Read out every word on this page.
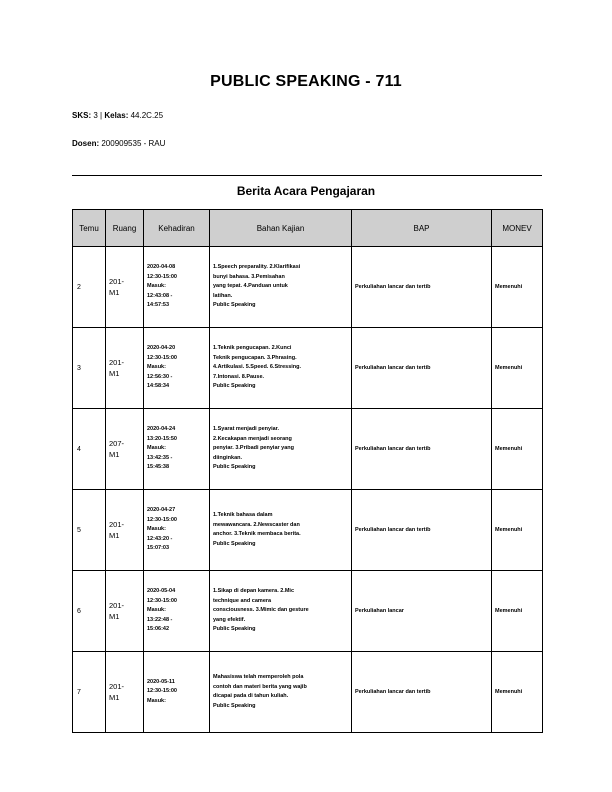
PUBLIC SPEAKING - 711
SKS: 3 | Kelas: 44.2C.25
Dosen: 200909535 - RAU
Berita Acara Pengajaran
Temu	Ruang	Kehadiran	Bahan Kajian	BAP	MONEV
2	201-
M1	2020-04-08
12:30-15:00
Masuk:
12:43:08 -
14:57:53	1.Speech preparality. 2.Klarifikasi
bunyi bahasa. 3.Pemisahan
yang tepat. 4.Panduan untuk
latihan.
Public Speaking	Perkuliahan lancar dan tertib	Memenuhi
3	201-
M1	2020-04-20
12:30-15:00
Masuk:
12:56:30 -
14:58:34	1.Teknik pengucapan. 2.Kunci
Teknik pengucapan. 3.Phrasing.
4.Artikulasi. 5.Speed. 6.Stressing.
7.Intonasi. 8.Pause.
Public Speaking	Perkuliahan lancar dan tertib	Memenuhi
4	207-
M1	2020-04-24
13:20-15:50
Masuk:
13:42:35 -
15:45:38	1.Syarat menjadi penyiar.
2.Kecakapan menjadi seorang
penyiar. 3.Pribadi penyiar yang
diinginkan.
Public Speaking	Perkuliahan lancar dan tertib	Memenuhi
5	201-
M1	2020-04-27
12:30-15:00
Masuk:
12:43:20 -
15:07:03	1.Teknik bahasa dalam
mewawancara. 2.Newscaster dan
anchor. 3.Teknik membaca berita.
Public Speaking	Perkuliahan lancar dan tertib	Memenuhi
6	201-
M1	2020-05-04
12:30-15:00
Masuk:
13:22:48 -
15:06:42	1.Sikap di depan kamera. 2.Mic
technique and camera
consciousness. 3.Mimic dan gesture
yang efektif.
Public Speaking	Perkuliahan lancar	Memenuhi
7	201-
M1	2020-05-11
12:30-15:00
Masuk:	Mahasiswa telah memperoleh pola
contoh dan materi berita yang wajib
dicapai pada di tahun kuliah.
Public Speaking	Perkuliahan lancar dan tertib	Memenuhi
